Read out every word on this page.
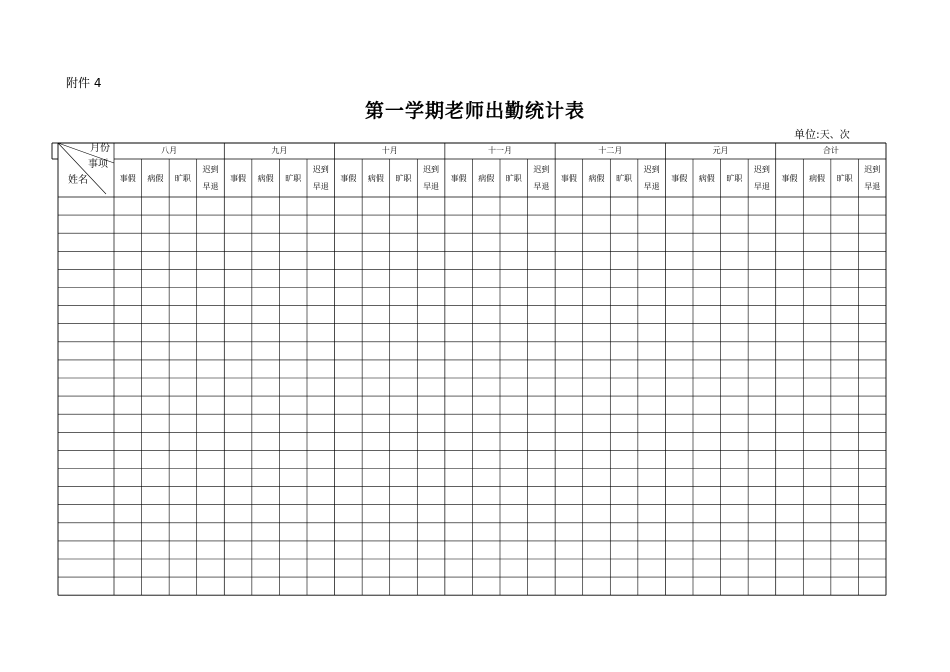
附件 4
第一学期老师出勤统计表
单位:天、次
月份
事项
姓名
八月
事假 病假 旷职
迟到
早退
九月
事假 病假 旷职
迟到
早退
十月
事假 病假 旷职
迟到
早退
十一月
事假 病假 旷职
迟到
早退
十二月
事假 病假 旷职
迟到
早退
元月
事假 病假 旷职
迟到
早退
合计
事假 病假 旷职
迟到
早退
